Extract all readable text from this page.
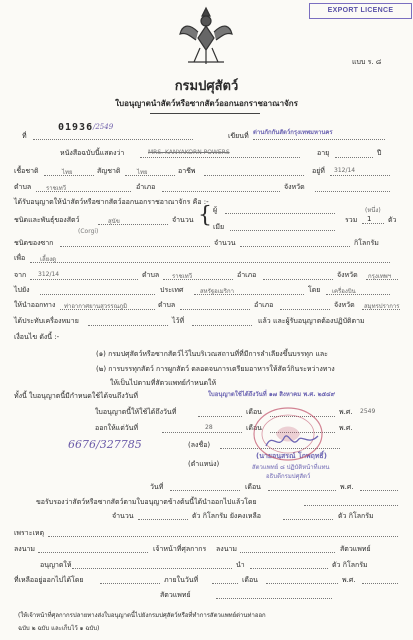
EXPORT LICENCE
แบบ ร. ๘
กรมปศุสัตว์
ใบอนุญาตนำสัตว์หรือซากสัตว์ออกนอกราชอาณาจักร
ที่
01936 /2549
เขียนที่ ด่านกักกันสัตว์กรุงเทพมหานคร
หนังสือฉบับนี้แสดงว่า	MRS. KANYAKORN POWERS	อายุ	ปี
เชื้อชาติ	ไทย	สัญชาติ	ไทย	อาชีพ	อยู่ที่ 312/14
ตำบล ราชเทวี	อำเภอ	จังหวัด
ได้รับอนุญาตให้นำสัตว์หรือซากสัตว์ออกนอกราชอาณาจักร คือ :-
ชนิดและพันธุ์ของสัตว์	สุนัข
(Corgi)
จำนวน { ผู้
เมีย
รวม
(หนึ่ง)
1 ตัว
ชนิดของซาก	จำนวน	กิโลกรัม
เพื่อ เลี้ยงดู
จาก 312/14	ตำบล ราชเทวี	อำเภอ	จังหวัด กรุงเทพฯ
ไปยัง	ประเทศ	สหรัฐอเมริกา	โดย เครื่องบิน
ให้นำออกทาง ท่าอากาศยานสุวรรณภูมิ	ตำบล	อำเภอ	จังหวัด สมุทรปราการ
ได้ประทับเครื่องหมาย	ไว้ที่	แล้ว และผู้รับอนุญาตต้องปฏิบัติตาม
เงื่อนไข ดังนี้ :-
(๑) กรมปศุสัตว์หรือซากสัตว์ไว้ในบริเวณสถานที่ที่มีการลำเลียงขึ้นบรรทุก และ
(๒) การบรรทุกสัตว์ การผูกสัตว์ ตลอดจนการเตรียมอาหารให้สัตว์กินระหว่างทาง
ให้เป็นไปตามที่สัตวแพทย์กำหนดให้
ทั้งนี้ ใบอนุญาตนี้มีกำหนดใช้ได้จนถึงวันที่	ใบอนุญาตใช้ได้ถึงวันที่ ๑๗ สิงหาคม พ.ศ. ๒๕๔๙
ใบอนุญาตนี้ให้ใช้ได้ถึงวันที่	เดือน	พ.ศ. 2549
ออกให้แต่วันที่	28	เดือน	พ.ศ.
6676/327785	(ลงชื่อ)
(ตำแหน่ง)
(นายอนุสรณ์ โกพฤทธิ์)
สัตวแพทย์ ๘ ปฏิบัติหน้าที่แทน
อธิบดีกรมปศุสัตว์
วันที่	เดือน	พ.ศ.
ขอรับรองว่าสัตว์หรือซากสัตว์ตามใบอนุญาตข้างต้นนี้ได้นำออกไปแล้วโดย
จำนวน	ตัว กิโลกรัม ยังคงเหลือ	ตัว กิโลกรัม
เพราะเหตุ
ลงนาม	เจ้าหน้าที่ศุลกากร ลงนาม	สัตวแพทย์
อนุญาตให้	นำ	ตัว กิโลกรัม
ที่เหลืออยู่ออกไปได้โดย	ภายในวันที่	เดือน	พ.ศ.
สัตวแพทย์
(ให้เจ้าหน้าที่ศุลกากรปลายทางส่งใบอนุญาตนี้ไปยังกรมปศุสัตว์หรือที่ทำการสัตวแพทย์ด่านท่าออก
ฉบับ ๒ ฉบับ และเก็บไว้ ๑ ฉบับ)
